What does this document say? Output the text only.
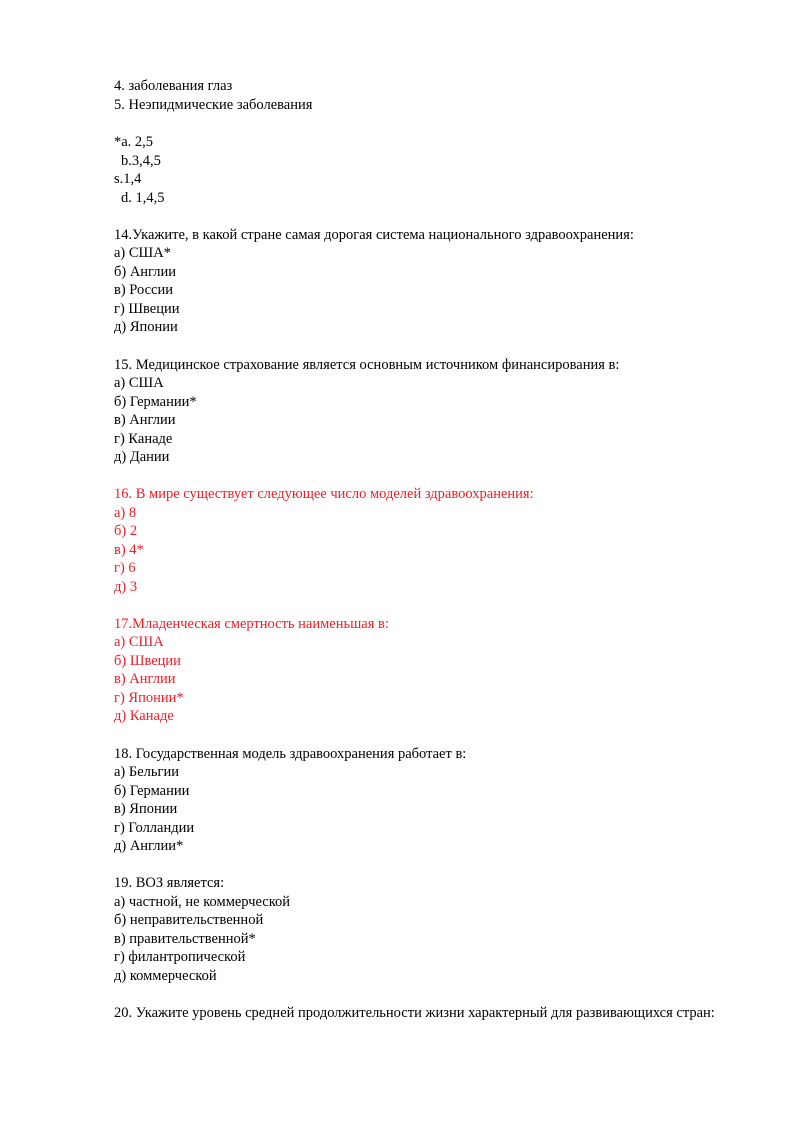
4. заболевания глаз
5. Неэпидмические заболевания
*a. 2,5
b.3,4,5
s.1,4
d. 1,4,5
14.Укажите, в какой стране самая дорогая система национального здравоохранения:
а) США*
б) Англии
в) России
г) Швеции
д) Японии
15. Медицинское страхование является основным источником финансирования в:
а) США
б) Германии*
в) Англии
г) Канаде
д) Дании
16. В мире существует следующее число моделей здравоохранения:
а) 8
б) 2
в) 4*
г) 6
д) 3
17.Младенческая смертность наименьшая в:
а) США
б) Швеции
в) Англии
г) Японии*
д) Канаде
18. Государственная модель здравоохранения работает в:
а) Бельгии
б) Германии
в) Японии
г) Голландии
д) Англии*
19. ВОЗ является:
а) частной, не коммерческой
б) неправительственной
в) правительственной*
г) филантропической
д) коммерческой
20. Укажите уровень средней продолжительности жизни характерный для развивающихся стран:
